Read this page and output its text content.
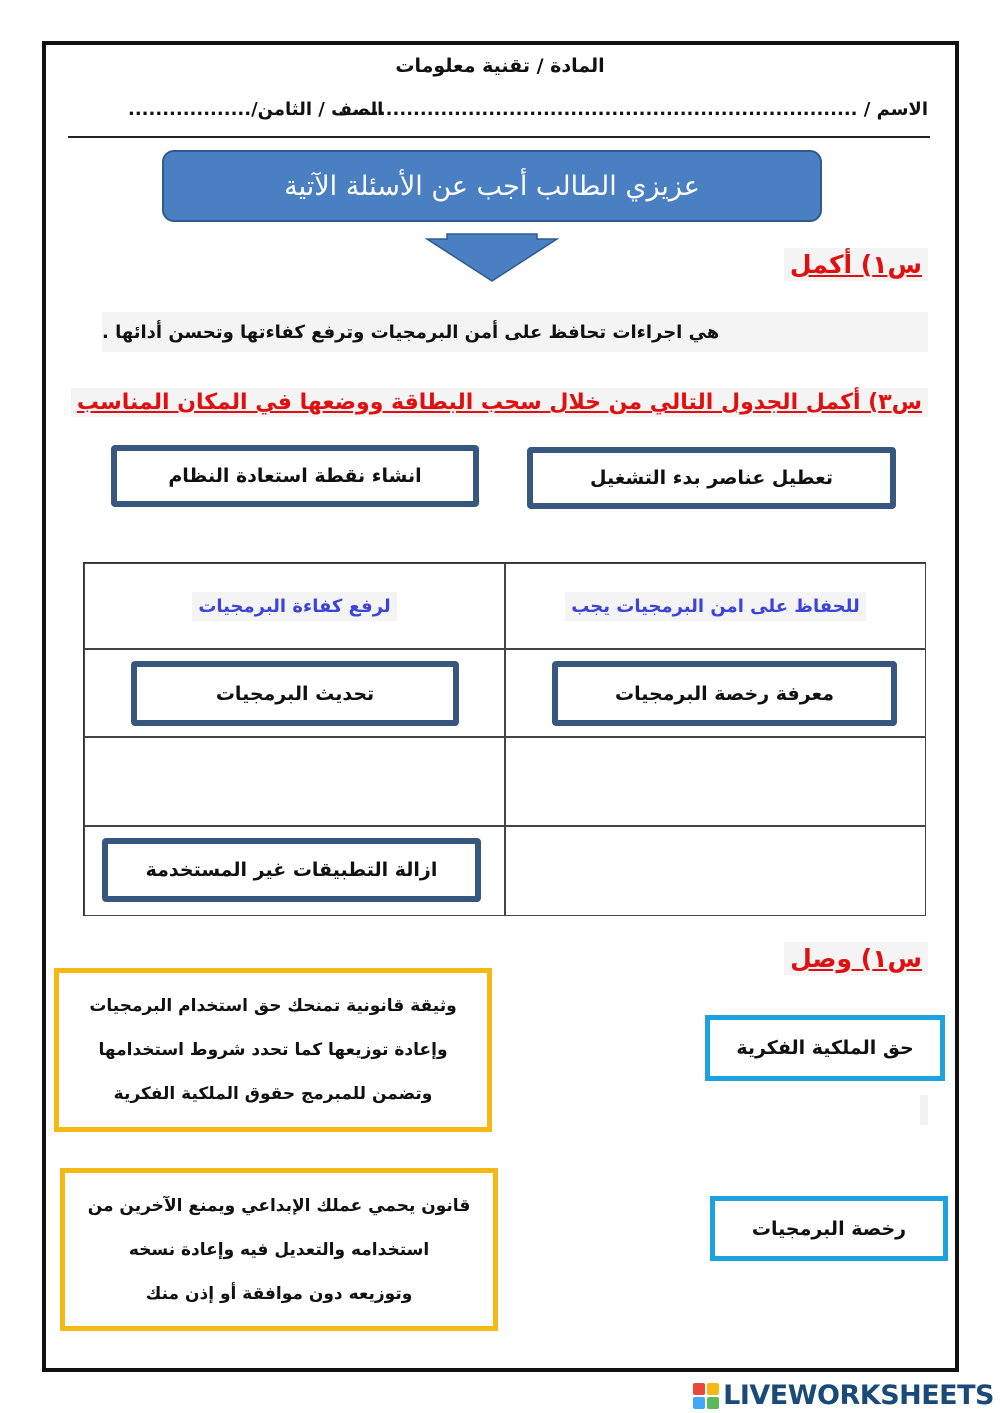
المادة / تقنية معلومات
الاسم / ............................................................................
الصف / الثامن/..................
عزيزي الطالب أجب عن الأسئلة الآتية
س١) أكمل
هي اجراءات تحافظ على أمن البرمجيات وترفع كفاءتها وتحسن أدائها .
س٣) أكمل الجدول التالي من خلال سحب البطاقة ووضعها في المكان المناسب
تعطيل عناصر بدء التشغيل
انشاء نقطة استعادة النظام
للحفاظ على امن البرمجيات يجب
لرفع كفاءة البرمجيات
معرفة رخصة البرمجيات
تحديث البرمجيات
ازالة التطبيقات غير المستخدمة
س١) وصل
حق الملكية الفكرية
رخصة البرمجيات
وثيقة قانونية تمنحك حق استخدام البرمجيات
وإعادة توزيعها كما تحدد شروط استخدامها
وتضمن للمبرمج حقوق الملكية الفكرية
قانون يحمي عملك الإبداعي ويمنع الآخرين من
استخدامه والتعديل فيه وإعادة نسخه
وتوزيعه دون موافقة أو إذن منك
LIVEWORKSHEETS
